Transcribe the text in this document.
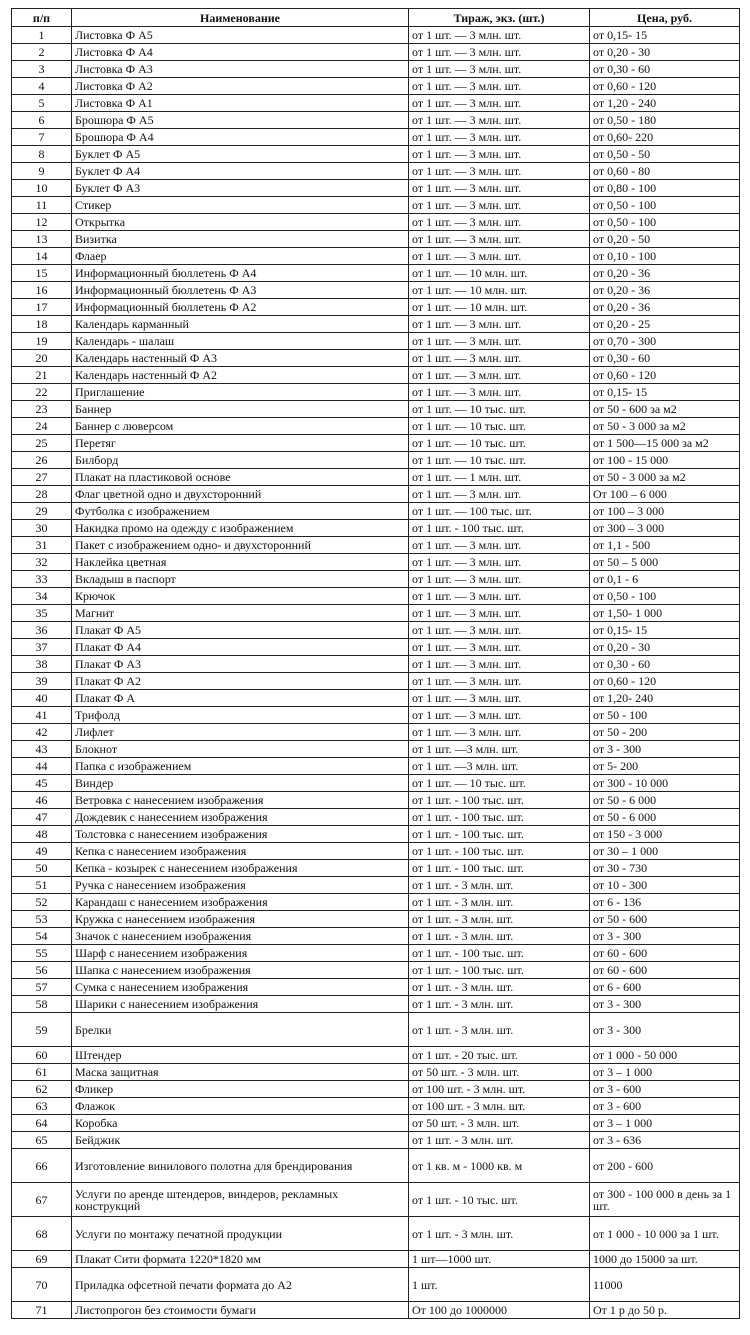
п/п	Наименование	Тираж, экз. (шт.)	Цена, руб.
1	Листовка Ф А5	от 1 шт. — 3 млн. шт.	от 0,15- 15
2	Листовка Ф А4	от 1 шт. — 3 млн. шт.	от 0,20 - 30
3	Листовка Ф А3	от 1 шт. — 3 млн. шт.	от 0,30 - 60
4	Листовка Ф А2	от 1 шт. — 3 млн. шт.	от 0,60 - 120
5	Листовка Ф А1	от 1 шт. — 3 млн. шт.	от 1,20 - 240
6	Брошюра Ф А5	от 1 шт. — 3 млн. шт.	от 0,50 - 180
7	Брошюра Ф А4	от 1 шт. — 3 млн. шт.	от 0,60- 220
8	Буклет Ф А5	от 1 шт. — 3 млн. шт.	от 0,50 - 50
9	Буклет Ф А4	от 1 шт. — 3 млн. шт.	от 0,60 - 80
10	Буклет Ф А3	от 1 шт. — 3 млн. шт.	от 0,80 - 100
11	Стикер	от 1 шт. — 3 млн. шт.	от 0,50 - 100
12	Открытка	от 1 шт. — 3 млн. шт.	от 0,50 - 100
13	Визитка	от 1 шт. — 3 млн. шт.	от 0,20 - 50
14	Флаер	от 1 шт. — 3 млн. шт.	от 0,10 - 100
15	Информационный бюллетень Ф А4	от 1 шт. — 10 млн. шт.	от 0,20 - 36
16	Информационный бюллетень Ф А3	от 1 шт. — 10 млн. шт.	от 0,20 - 36
17	Информационный бюллетень Ф А2	от 1 шт. — 10 млн. шт.	от 0,20 - 36
18	Календарь карманный	от 1 шт. — 3 млн. шт.	от 0,20 - 25
19	Календарь - шалаш	от 1 шт. — 3 млн. шт.	от 0,70 - 300
20	Календарь настенный Ф А3	от 1 шт. — 3 млн. шт.	от 0,30 - 60
21	Календарь настенный Ф А2	от 1 шт. — 3 млн. шт.	от 0,60 - 120
22	Приглашение	от 1 шт. — 3 млн. шт.	от 0,15- 15
23	Баннер	от 1 шт. — 10 тыс. шт.	от 50 - 600 за м2
24	Баннер с люверсом	от 1 шт. — 10 тыс. шт.	от 50 - 3 000 за м2
25	Перетяг	от 1 шт. — 10 тыс. шт.	от 1 500—15 000 за м2
26	Билборд	от 1 шт. — 10 тыс. шт.	от 100 - 15 000
27	Плакат на пластиковой основе	от 1 шт. — 1 млн. шт.	от 50 - 3 000 за м2
28	Флаг цветной одно и двухсторонний	от 1 шт. — 3 млн. шт.	От 100 – 6 000
29	Футболка с изображением	от 1 шт. — 100 тыс. шт.	от 100 – 3 000
30	Накидка промо на одежду с изображением	от 1 шт. - 100 тыс. шт.	от 300 – 3 000
31	Пакет с изображением одно- и двухсторонний	от 1 шт. — 3 млн. шт.	от 1,1 - 500
32	Наклейка цветная	от 1 шт. — 3 млн. шт.	от 50 – 5 000
33	Вкладыш в паспорт	от 1 шт. — 3 млн. шт.	от 0,1 - 6
34	Крючок	от 1 шт. — 3 млн. шт.	от 0,50 - 100
35	Магнит	от 1 шт. — 3 млн. шт.	от 1,50- 1 000
36	Плакат Ф А5	от 1 шт. — 3 млн. шт.	от 0,15- 15
37	Плакат Ф А4	от 1 шт. — 3 млн. шт.	от 0,20 - 30
38	Плакат Ф А3	от 1 шт. — 3 млн. шт.	от 0,30 - 60
39	Плакат Ф А2	от 1 шт. — 3 млн. шт.	от 0,60 - 120
40	Плакат Ф А	от 1 шт. — 3 млн. шт.	от 1,20- 240
41	Трифолд	от 1 шт. — 3 млн. шт.	от 50 - 100
42	Лифлет	от 1 шт. — 3 млн. шт.	от 50 - 200
43	Блокнот	от 1 шт. —3 млн. шт.	от 3 - 300
44	Папка с изображением	от 1 шт. —3 млн. шт.	от 5- 200
45	Виндер	от 1 шт. — 10 тыс. шт.	от 300 - 10 000
46	Ветровка с нанесением изображения	от 1 шт. - 100 тыс. шт.	от 50 - 6 000
47	Дождевик с нанесением изображения	от 1 шт. - 100 тыс. шт.	от 50 - 6 000
48	Толстовка с нанесением изображения	от 1 шт. - 100 тыс. шт.	от 150 - 3 000
49	Кепка с нанесением изображения	от 1 шт. - 100 тыс. шт.	от 30 – 1 000
50	Кепка - козырек с нанесением изображения	от 1 шт. - 100 тыс. шт.	от 30 - 730
51	Ручка с нанесением изображения	от 1 шт. - 3 млн. шт.	от 10 - 300
52	Карандаш с нанесением изображения	от 1 шт. - 3 млн. шт.	от 6 - 136
53	Кружка с нанесением изображения	от 1 шт. - 3 млн. шт.	от 50 - 600
54	Значок с нанесением изображения	от 1 шт. - 3 млн. шт.	от 3 - 300
55	Шарф с нанесением изображения	от 1 шт. - 100 тыс. шт.	от 60 - 600
56	Шапка с нанесением изображения	от 1 шт. - 100 тыс. шт.	от 60 - 600
57	Сумка с нанесением изображения	от 1 шт. - 3 млн. шт.	от 6 - 600
58	Шарики с нанесением изображения	от 1 шт. - 3 млн. шт.	от 3 - 300
59	Брелки	от 1 шт. - 3 млн. шт.	от 3 - 300
60	Штендер	от 1 шт. - 20 тыс. шт.	от 1 000 - 50 000
61	Маска защитная	от 50 шт. - 3 млн. шт.	от 3 – 1 000
62	Фликер	от 100 шт. - 3 млн. шт.	от 3 - 600
63	Флажок	от 100 шт. - 3 млн. шт.	от 3 - 600
64	Коробка	от 50 шт. - 3 млн. шт.	от 3 – 1 000
65	Бейджик	от 1 шт. - 3 млн. шт.	от 3 - 636
66	Изготовление винилового полотна для брендирования	от 1 кв. м - 1000 кв. м	от 200 - 600
67	Услуги по аренде штендеров, виндеров, рекламных конструкций	от 1 шт. - 10 тыс. шт.	от 300 - 100 000 в день за 1 шт.
68	Услуги по монтажу печатной продукции	от 1 шт. - 3 млн. шт.	от 1 000 - 10 000 за 1 шт.
69	Плакат Сити формата 1220*1820 мм	1 шт—1000 шт.	1000 до 15000 за шт.
70	Приладка офсетной печати формата до А2	1 шт.	11000
71	Листопрогон без стоимости бумаги	От 100 до 1000000	От 1 р до 50 р.
